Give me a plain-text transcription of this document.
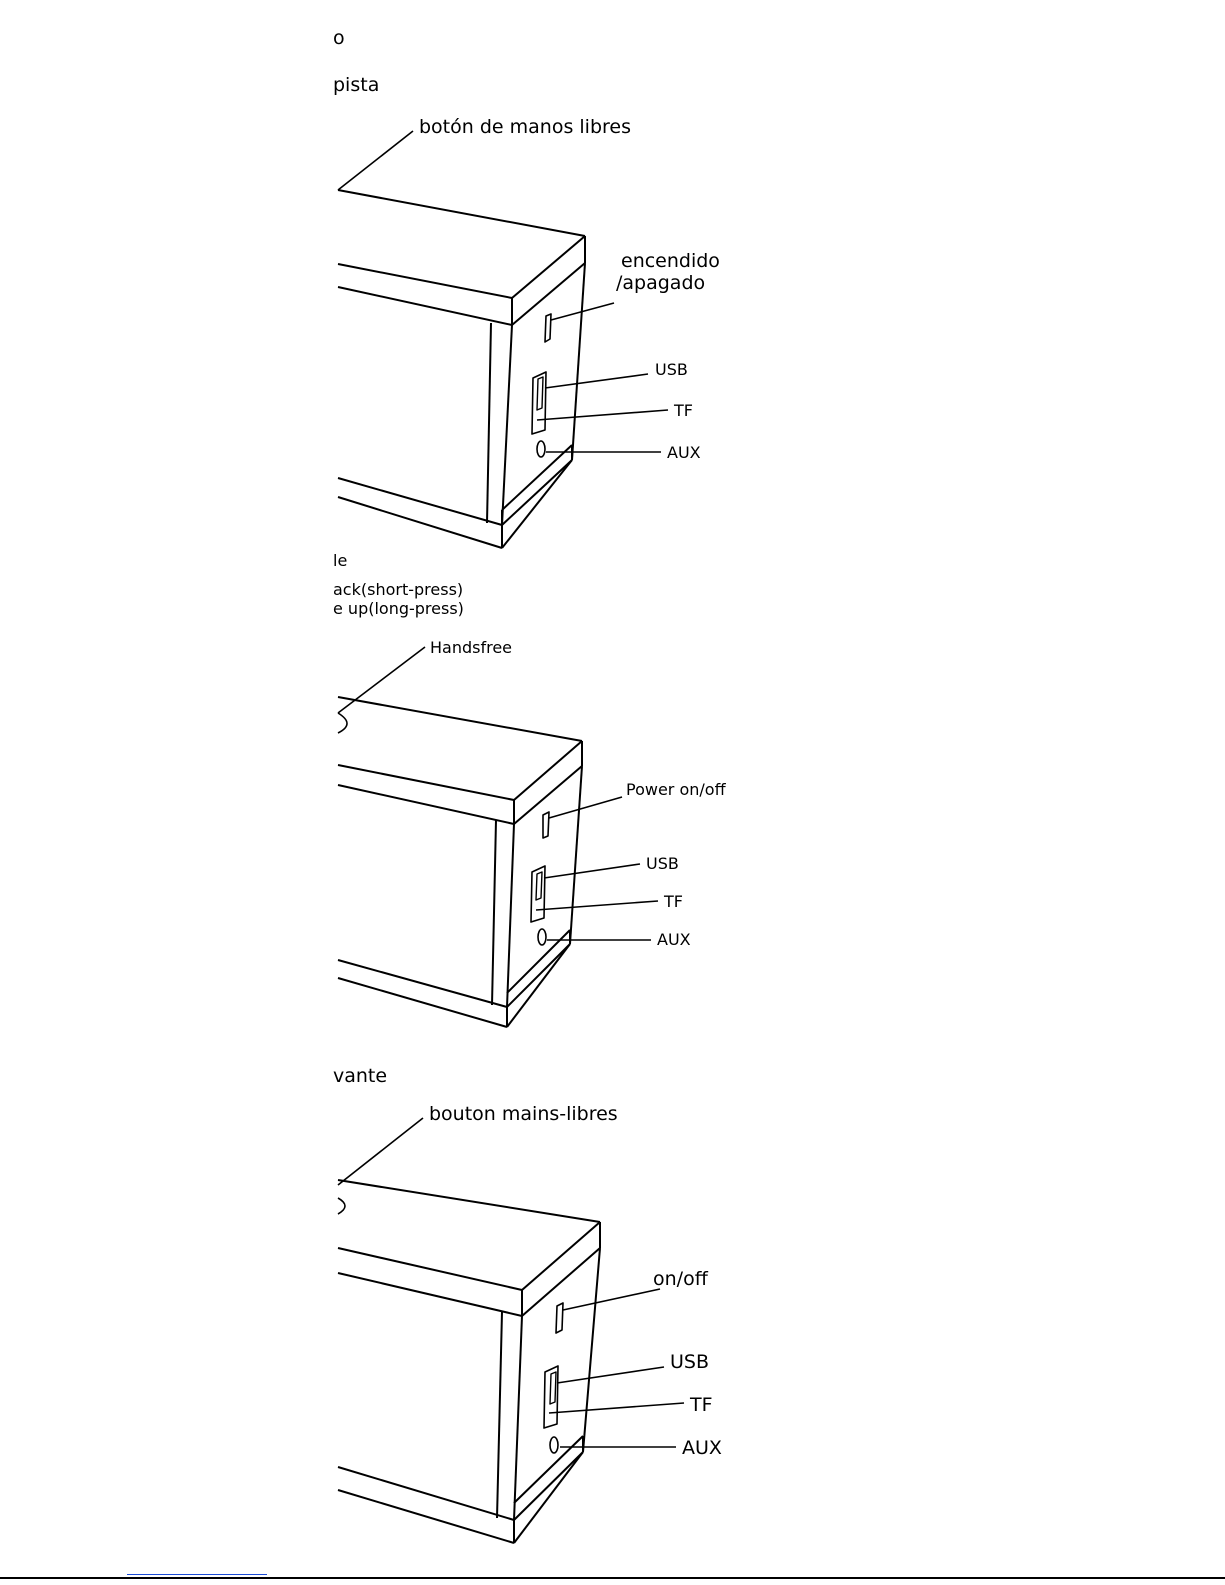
o
pista
botón de manos libres
encendido
/apagado
USB
TF
AUX
le
ack(short-press)
e up(long-press)
Handsfree
Power on/off
USB
TF
AUX
vante
bouton mains-libres
on/off
USB
TF
AUX
